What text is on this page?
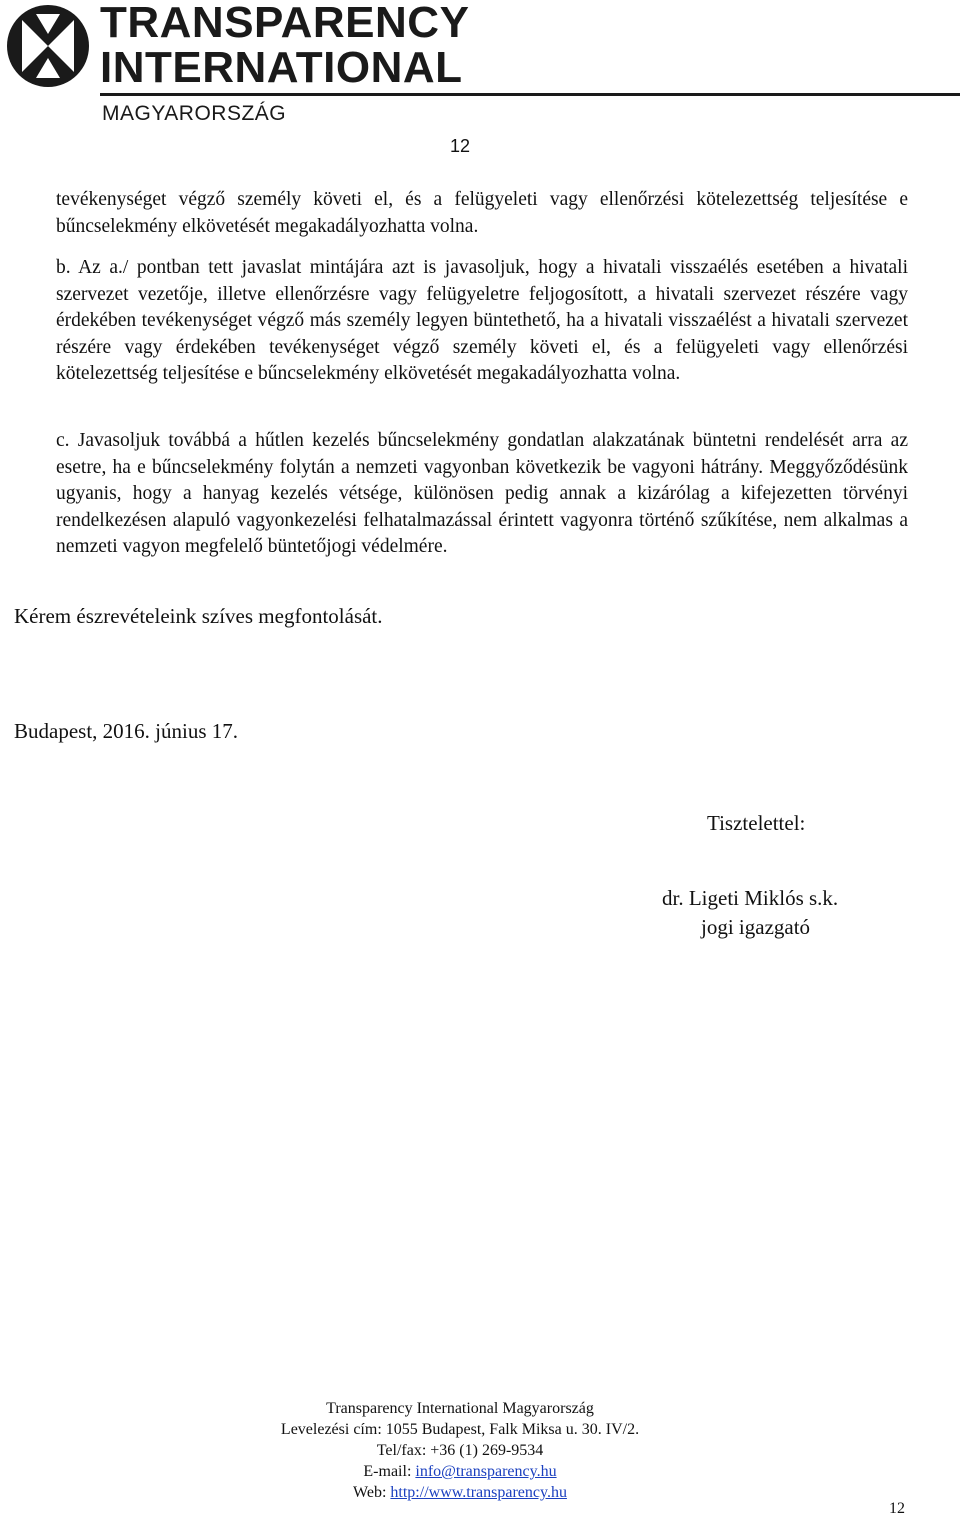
TRANSPARENCY
INTERNATIONAL
MAGYARORSZÁG
12

tevékenységet végző személy követi el, és a felügyeleti vagy ellenőrzési kötelezettség teljesítése e bűncselekmény elkövetését megakadályozhatta volna.

b. Az a./ pontban tett javaslat mintájára azt is javasoljuk, hogy a hivatali visszaélés esetében a hivatali szervezet vezetője, illetve ellenőrzésre vagy felügyeletre feljogosított, a hivatali szervezet részére vagy érdekében tevékenységet végző más személy legyen büntethető, ha a hivatali visszaélést a hivatali szervezet részére vagy érdekében tevékenységet végző személy követi el, és a felügyeleti vagy ellenőrzési kötelezettség teljesítése e bűncselekmény elkövetését megakadályozhatta volna.

c. Javasoljuk továbbá a hűtlen kezelés bűncselekmény gondatlan alakzatának büntetni rendelését arra az esetre, ha e bűncselekmény folytán a nemzeti vagyonban következik be vagyoni hátrány. Meggyőződésünk ugyanis, hogy a hanyag kezelés vétsége, különösen pedig annak a kizárólag a kifejezetten törvényi rendelkezésen alapuló vagyonkezelési felhatalmazással érintett vagyonra történő szűkítése, nem alkalmas a nemzeti vagyon megfelelő büntetőjogi védelmére.

Kérem észrevételeink szíves megfontolását.

Budapest, 2016. június 17.

Tisztelettel:

dr. Ligeti Miklós s.k.

jogi igazgató

Transparency International Magyarország
Levelezési cím: 1055 Budapest, Falk Miksa u. 30. IV/2.
Tel/fax: +36 (1) 269-9534
E-mail: info@transparency.hu
Web: http://www.transparency.hu
12
